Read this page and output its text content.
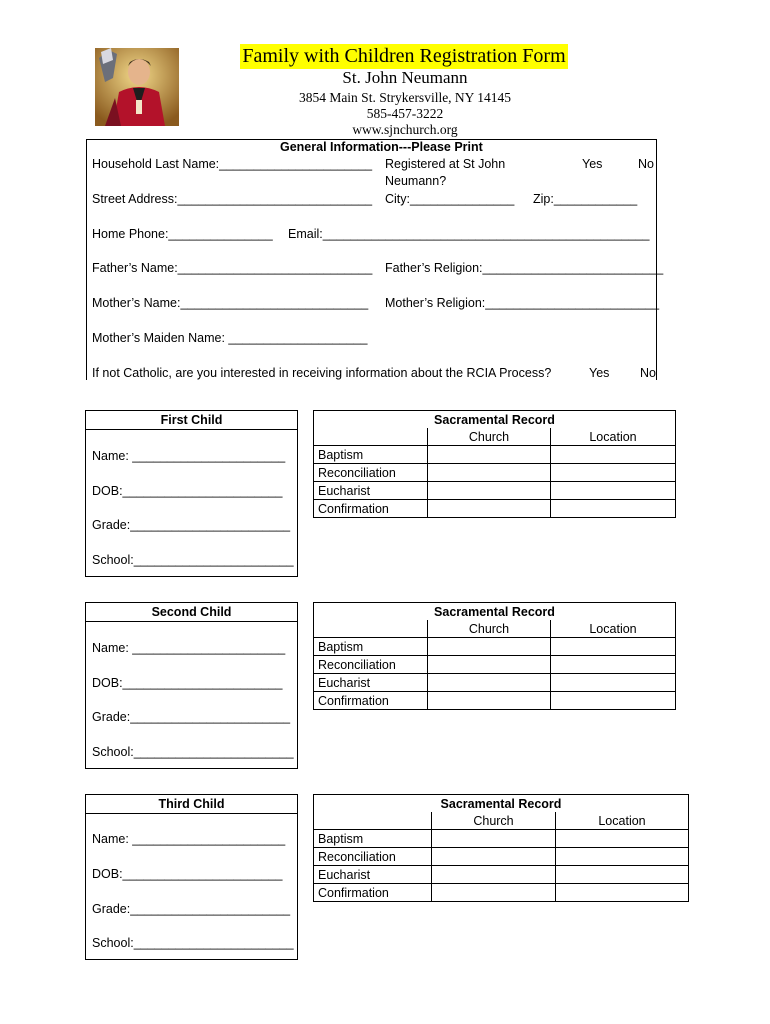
Family with Children Registration Form
St. John Neumann
3854 Main St. Strykersville, NY 14145
585-457-3222
www.sjnchurch.org
General Information---Please Print
Household Last Name:______________________ Registered at St John
Neumann?
Yes	No
Street Address:____________________________ City:_______________ Zip:____________
Home Phone:_______________ Email:_______________________________________________
Father’s Name:____________________________ Father’s Religion:__________________________
Mother’s Name:___________________________ Mother’s Religion:_________________________
Mother’s Maiden Name: ____________________
If not Catholic, are you interested in receiving information about the RCIA Process?	Yes No
First Child
Name: ______________________
DOB:_______________________
Grade:_______________________
School:_______________________
Sacramental Record		
	Church	Location
Baptism		
Reconciliation		
Eucharist		
Confirmation		
Second Child
Name: ______________________
DOB:_______________________
Grade:_______________________
School:_______________________
Sacramental Record		
	Church	Location
Baptism		
Reconciliation		
Eucharist		
Confirmation		
Third Child
Name: ______________________
DOB:_______________________
Grade:_______________________
School:_______________________
Sacramental Record		
	Church	Location
Baptism		
Reconciliation		
Eucharist		
Confirmation		
